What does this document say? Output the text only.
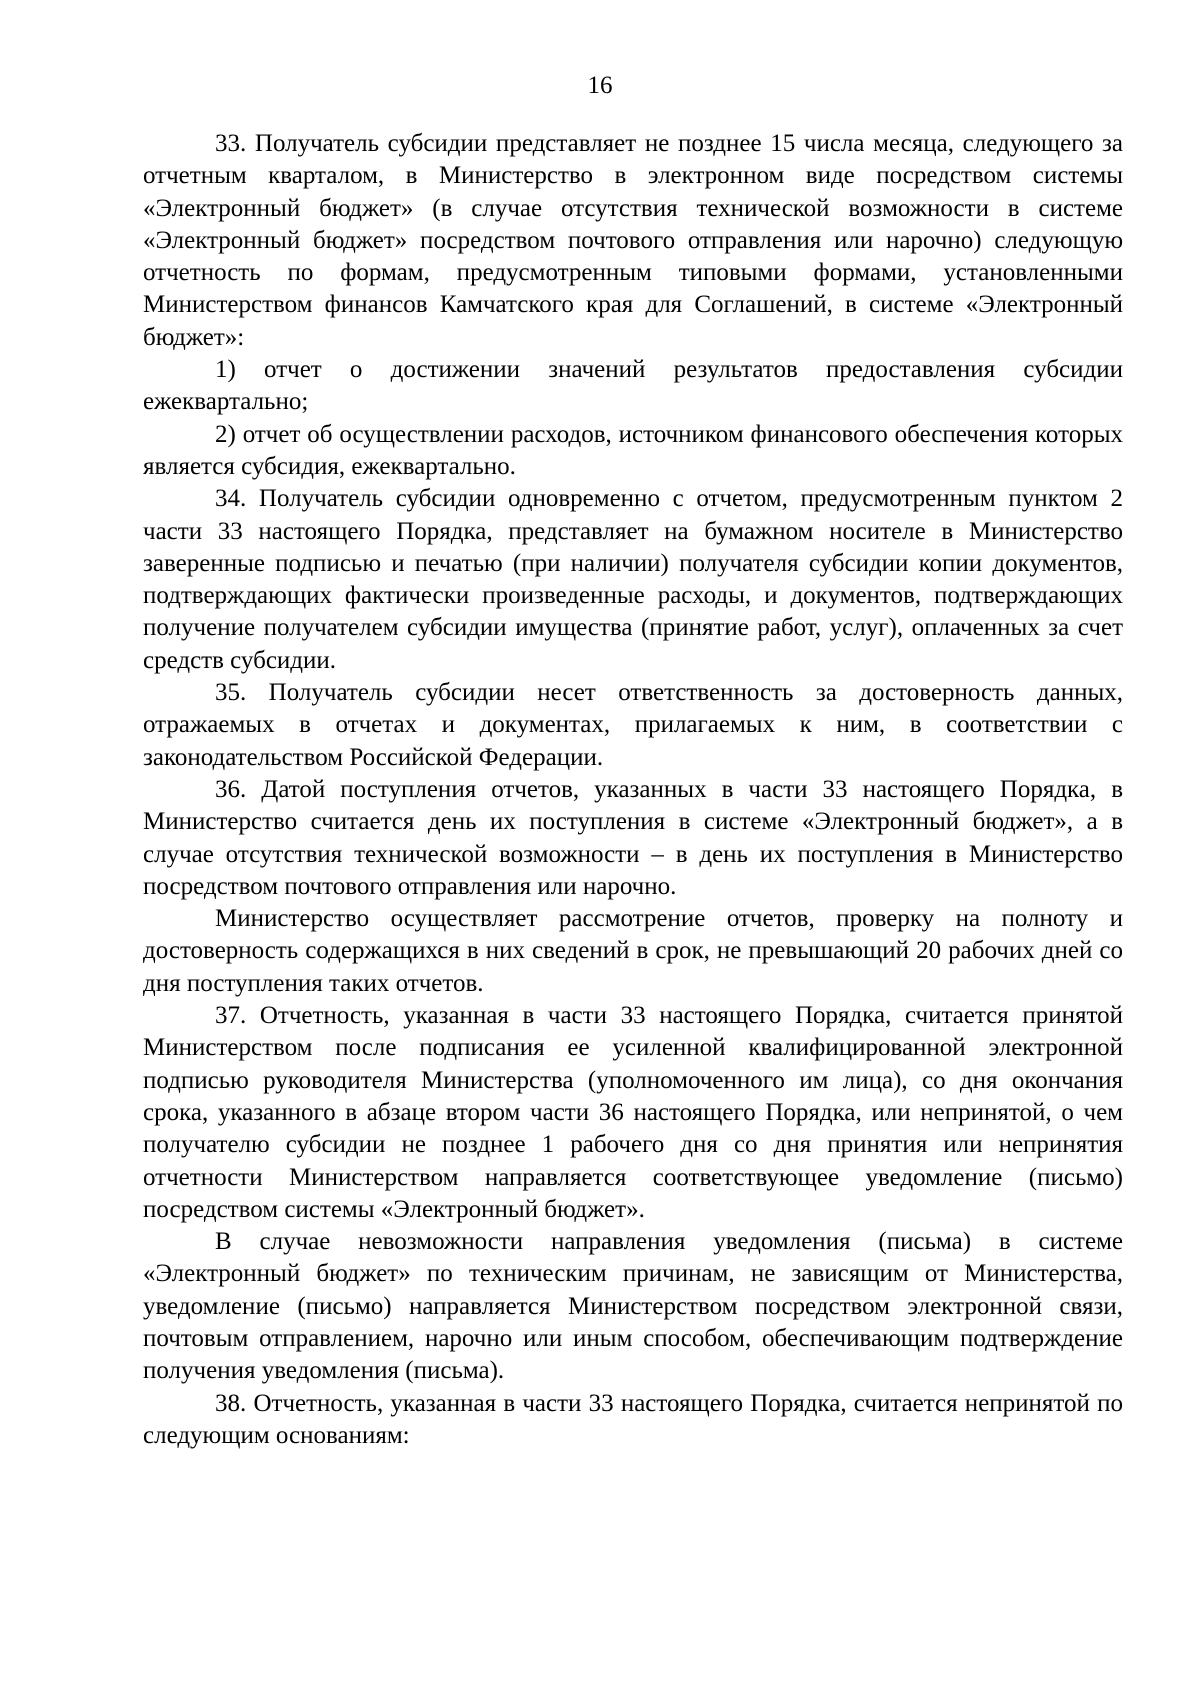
16

33. Получатель субсидии представляет не позднее 15 числа месяца, следующего за отчетным кварталом, в Министерство в электронном виде посредством системы «Электронный бюджет» (в случае отсутствия технической возможности в системе «Электронный бюджет» посредством почтового отправления или нарочно) следующую отчетность по формам, предусмотренным типовыми формами, установленными Министерством финансов Камчатского края для Соглашений, в системе «Электронный бюджет»:

1) отчет о достижении значений результатов предоставления субсидии ежеквартально;

2) отчет об осуществлении расходов, источником финансового обеспечения которых является субсидия, ежеквартально.

34. Получатель субсидии одновременно с отчетом, предусмотренным пунктом 2 части 33 настоящего Порядка, представляет на бумажном носителе в Министерство заверенные подписью и печатью (при наличии) получателя субсидии копии документов, подтверждающих фактически произведенные расходы, и документов, подтверждающих получение получателем субсидии имущества (принятие работ, услуг), оплаченных за счет средств субсидии.

35. Получатель субсидии несет ответственность за достоверность данных, отражаемых в отчетах и документах, прилагаемых к ним, в соответствии с законодательством Российской Федерации.

36. Датой поступления отчетов, указанных в части 33 настоящего Порядка, в Министерство считается день их поступления в системе «Электронный бюджет», а в случае отсутствия технической возможности – в день их поступления в Министерство посредством почтового отправления или нарочно.

Министерство осуществляет рассмотрение отчетов, проверку на полноту и достоверность содержащихся в них сведений в срок, не превышающий 20 рабочих дней со дня поступления таких отчетов.

37. Отчетность, указанная в части 33 настоящего Порядка, считается принятой Министерством после подписания ее усиленной квалифицированной электронной подписью руководителя Министерства (уполномоченного им лица), со дня окончания срока, указанного в абзаце втором части 36 настоящего Порядка, или непринятой, о чем получателю субсидии не позднее 1 рабочего дня со дня принятия или непринятия отчетности Министерством направляется соответствующее уведомление (письмо) посредством системы «Электронный бюджет».

В случае невозможности направления уведомления (письма) в системе «Электронный бюджет» по техническим причинам, не зависящим от Министерства, уведомление (письмо) направляется Министерством посредством электронной связи, почтовым отправлением, нарочно или иным способом, обеспечивающим подтверждение получения уведомления (письма).

38. Отчетность, указанная в части 33 настоящего Порядка, считается непринятой по следующим основаниям:
